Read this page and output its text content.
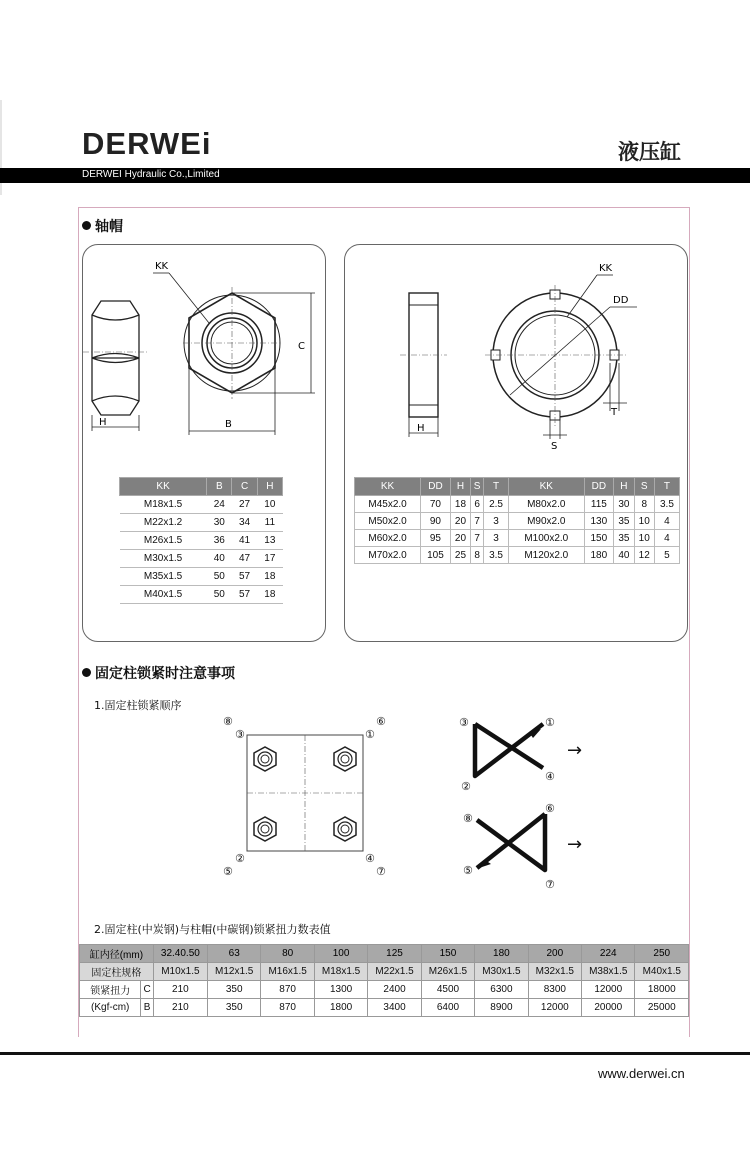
DERWEi	液压缸
DERWEI Hydraulic Co.,Limited
轴帽
H	B
C
KK
KK	B	C	H
M18x1.5	24	27	10
M22x1.2	30	34	11
M26x1.5	36	41	13
M30x1.5	40	47	17
M35x1.5	50	57	18
M40x1.5	50	57	18
H
DD
KK
T
S
KK	DD	H	S	T	KK	DD	H	S	T
M45x2.0	70	18	6	2.5	M80x2.0	115	30	8	3.5
M50x2.0	90	20	7	3	M90x2.0	130	35	10	4
M60x2.0	95	20	7	3	M100x2.0	150	35	10	4
M70x2.0	105	25	8	3.5	M120x2.0	180	40	12	5
固定柱锁紧时注意事项
1.固定柱锁紧顺序
⑧
③
⑥
①
②
⑤
④
⑦
③	①
②
④
⑧
⑥
⑤
⑦
→
→
2.固定柱(中炭钢)与柱帽(中碳钢)锁紧扭力数表值
缸内径(mm)		32.40.50	63	80	100	125	150	180	200	224	250
固定柱规格		M10x1.5	M12x1.5	M16x1.5	M18x1.5	M22x1.5	M26x1.5	M30x1.5	M32x1.5	M38x1.5	M40x1.5
锁紧扭力	C	210	350	870	1300	2400	4500	6300	8300	12000	18000
(Kgf-cm)	B	210	350	870	1800	3400	6400	8900	12000	20000	25000
www.derwei.cn
